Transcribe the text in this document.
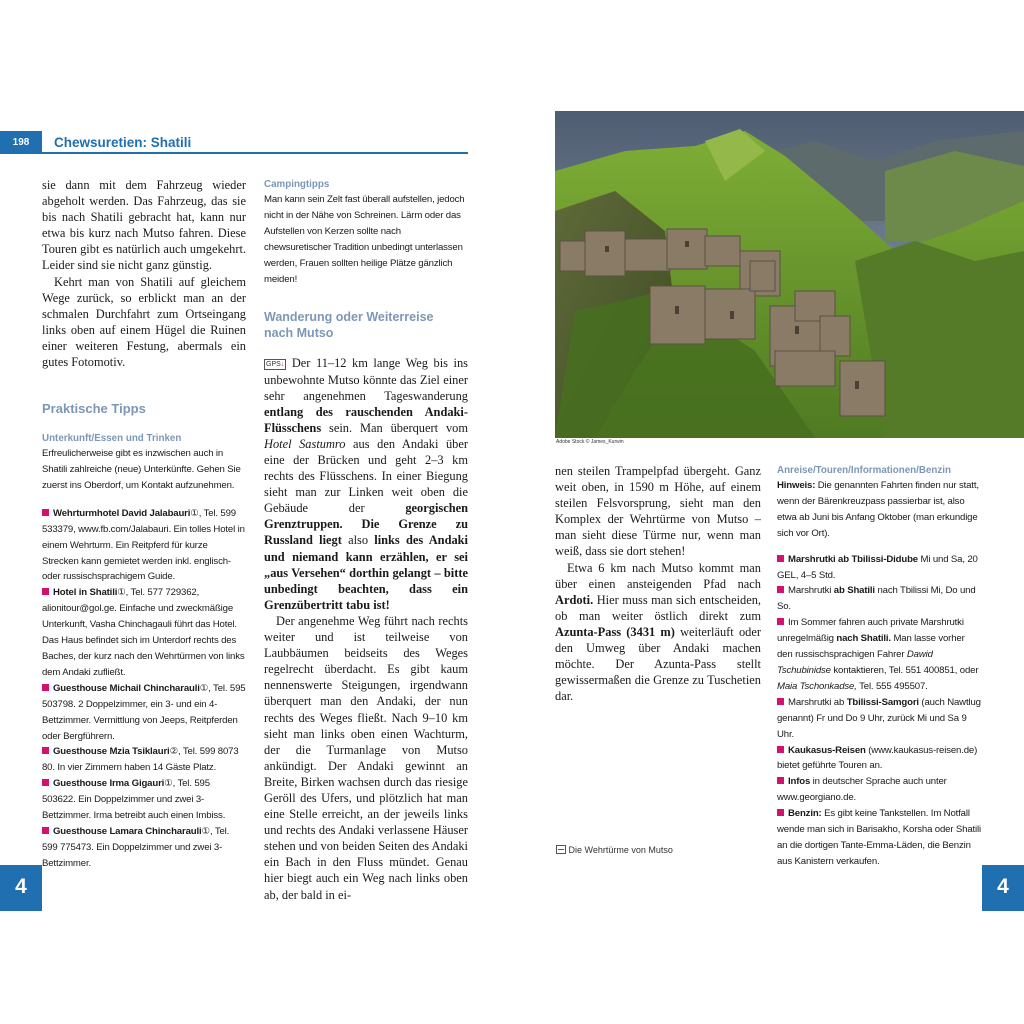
198	Chewsuretien: Shatili
4	4

sie dann mit dem Fahrzeug wieder abgeholt werden. Das Fahrzeug, das sie bis nach Shatili gebracht hat, kann nur etwa bis kurz nach Mutso fahren. Diese Touren gibt es natürlich auch umgekehrt. Leider sind sie nicht ganz günstig.

Kehrt man von Shatili auf gleichem Wege zurück, so erblickt man an der schmalen Durchfahrt zum Ortseingang links oben auf einem Hügel die Ruinen einer weiteren Festung, abermals ein gutes Fotomotiv.

Praktische Tipps
Unterkunft/Essen und Trinken

Erfreulicherweise gibt es inzwischen auch in Shatili zahlreiche (neue) Unterkünfte. Gehen Sie zuerst ins Oberdorf, um Kontakt aufzunehmen.

Wehrturmhotel David Jalabauri①, Tel. 599 533379, www.fb.com/Jalabauri. Ein tolles Hotel in einem Wehrturm. Ein Reitpferd für kurze Strecken kann gemietet werden inkl. englisch- oder russischsprachigem Guide.

Hotel in Shatili①, Tel. 577 729362, alionitour@gol.ge. Einfache und zweckmäßige Unterkunft, Vasha Chinchagauli führt das Hotel. Das Haus befindet sich im Unterdorf rechts des Baches, der kurz nach den Wehrtürmen von links dem Andaki zufließt.

Guesthouse Michail Chincharauli①, Tel. 595 503798. 2 Doppelzimmer, ein 3- und ein 4-Bettzimmer. Vermittlung von Jeeps, Reitpferden oder Bergführern.

Guesthouse Mzia Tsiklauri②, Tel. 599 8073 80. In vier Zimmern haben 14 Gäste Platz.

Guesthouse Irma Gigauri①, Tel. 595 503622. Ein Doppelzimmer und zwei 3-Bettzimmer. Irma betreibt auch einen Imbiss.

Guesthouse Lamara Chincharauli①, Tel. 599 775473. Ein Doppelzimmer und zwei 3-Bettzimmer.

Campingtipps

Man kann sein Zelt fast überall aufstellen, jedoch nicht in der Nähe von Schreinen. Lärm oder das Aufstellen von Kerzen sollte nach chewsuretischer Tradition unbedingt unterlassen werden, Frauen sollten heilige Plätze gänzlich meiden!

Wanderung oder Weiterreise
nach Mutso

GPS↓ Der 11–12 km lange Weg bis ins unbewohnte Mutso könnte das Ziel einer sehr angenehmen Tageswanderung entlang des rauschenden Andaki-Flüsschens sein. Man überquert vom Hotel Sastumro aus den Andaki über eine der Brücken und geht 2–3 km rechts des Flüsschens. In einer Biegung sieht man zur Linken weit oben die Gebäude der georgischen Grenztruppen. Die Grenze zu Russland liegt also links des Andaki und niemand kann erzählen, er sei „aus Versehen“ dorthin gelangt – bitte unbedingt beachten, dass ein Grenzübertritt tabu ist!

Der angenehme Weg führt nach rechts weiter und ist teilweise von Laubbäumen beidseits des Weges regelrecht überdacht. Es gibt kaum nennenswerte Steigungen, irgendwann überquert man den Andaki, der nun rechts des Weges fließt. Nach 9–10 km sieht man links oben einen Wachturm, der die Turmanlage von Mutso ankündigt. Der Andaki gewinnt an Breite, Birken wachsen durch das riesige Geröll des Ufers, und plötzlich hat man eine Stelle erreicht, an der jeweils links und rechts des Andaki verlassene Häuser stehen und von beiden Seiten des Andaki ein Bach in den Fluss mündet. Genau hier biegt auch ein Weg nach links oben ab, der bald in ei-

Adobe Stock © James_Kurwin

nen steilen Trampelpfad übergeht. Ganz weit oben, in 1590 m Höhe, auf einem steilen Felsvorsprung, sieht man den Komplex der Wehrtürme von Mutso – man sieht diese Türme nur, wenn man weiß, dass sie dort stehen!

Etwa 6 km nach Mutso kommt man über einen ansteigenden Pfad nach Ardoti. Hier muss man sich entscheiden, ob man weiter östlich direkt zum Azunta-Pass (3431 m) weiterläuft oder den Umweg über Andaki machen möchte. Der Azunta-Pass stellt gewissermaßen die Grenze zu Tuschetien dar.

Die Wehrtürme von Mutso
Anreise/Touren/Informationen/Benzin

Hinweis: Die genannten Fahrten finden nur statt, wenn der Bärenkreuzpass passierbar ist, also etwa ab Juni bis Anfang Oktober (man erkundige sich vor Ort).

Marshrutki ab Tbilissi-Didube Mi und Sa, 20 GEL, 4–5 Std.

Marshrutki ab Shatili nach Tbilissi Mi, Do und So.

Im Sommer fahren auch private Marshrutki unregelmäßig nach Shatili. Man lasse vorher den russischsprachigen Fahrer Dawid Tschubinidse kontaktieren, Tel. 551 400851, oder Maia Tschonkadse, Tel. 555 495507.

Marshrutki ab Tbilissi-Samgori (auch Nawtlug genannt) Fr und Do 9 Uhr, zurück Mi und Sa 9 Uhr.

Kaukasus-Reisen (www.kaukasus-reisen.de) bietet geführte Touren an.

Infos in deutscher Sprache auch unter www.georgiano.de.

Benzin: Es gibt keine Tankstellen. Im Notfall wende man sich in Barisakho, Korsha oder Shatili an die dortigen Tante-Emma-Läden, die Benzin aus Kanistern verkaufen.
